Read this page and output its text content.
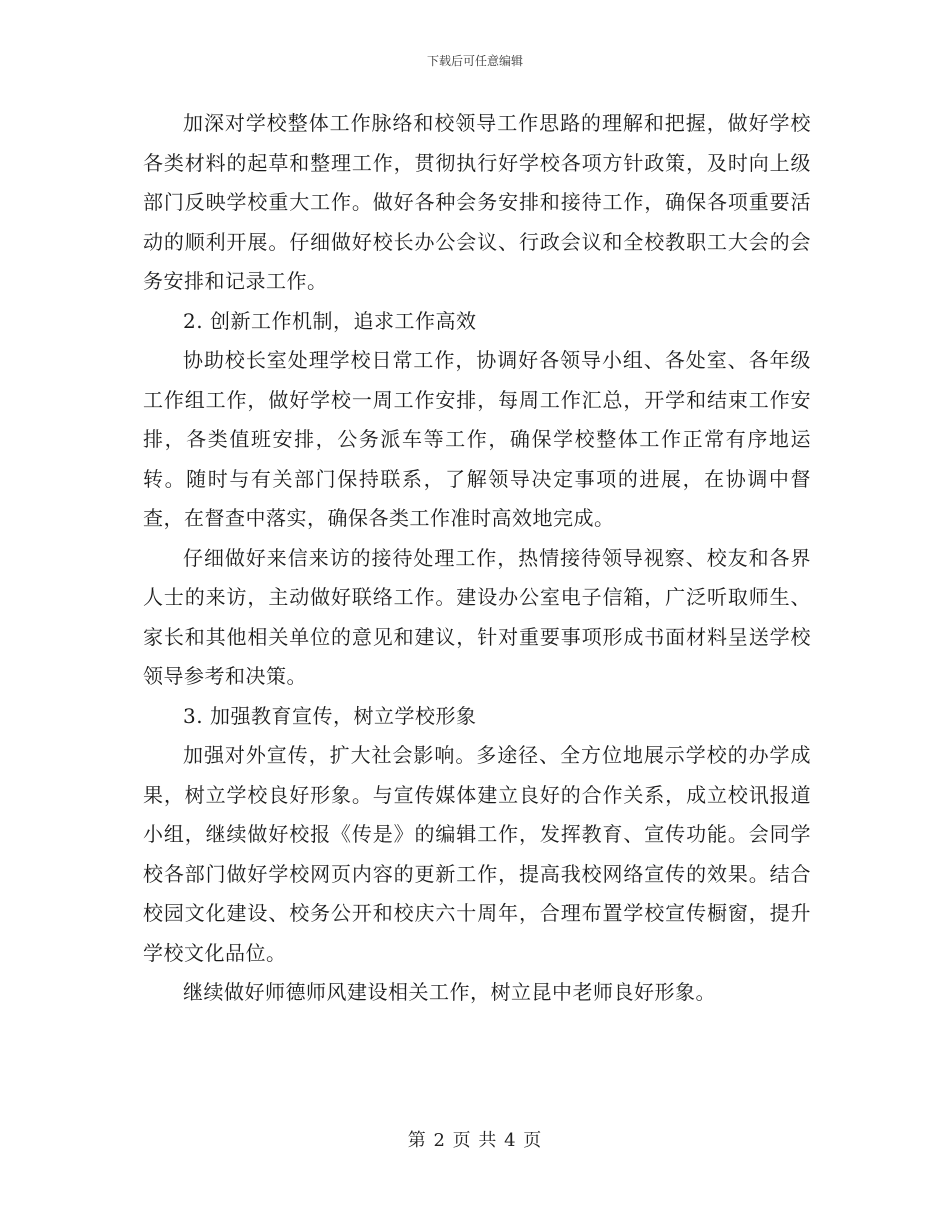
下载后可任意编辑

加深对学校整体工作脉络和校领导工作思路的理解和把握，做好学校各类材料的起草和整理工作，贯彻执行好学校各项方针政策，及时向上级部门反映学校重大工作。做好各种会务安排和接待工作，确保各项重要活动的顺利开展。仔细做好校长办公会议、行政会议和全校教职工大会的会务安排和记录工作。

2. 创新工作机制，追求工作高效

协助校长室处理学校日常工作，协调好各领导小组、各处室、各年级工作组工作，做好学校一周工作安排，每周工作汇总，开学和结束工作安排，各类值班安排，公务派车等工作，确保学校整体工作正常有序地运转。随时与有关部门保持联系，了解领导决定事项的进展，在协调中督查，在督查中落实，确保各类工作准时高效地完成。

仔细做好来信来访的接待处理工作，热情接待领导视察、校友和各界人士的来访，主动做好联络工作。建设办公室电子信箱，广泛听取师生、家长和其他相关单位的意见和建议，针对重要事项形成书面材料呈送学校领导参考和决策。

3. 加强教育宣传，树立学校形象

加强对外宣传，扩大社会影响。多途径、全方位地展示学校的办学成果，树立学校良好形象。与宣传媒体建立良好的合作关系，成立校讯报道小组，继续做好校报《传是》的编辑工作，发挥教育、宣传功能。会同学校各部门做好学校网页内容的更新工作，提高我校网络宣传的效果。结合校园文化建设、校务公开和校庆六十周年，合理布置学校宣传橱窗，提升学校文化品位。

继续做好师德师风建设相关工作，树立昆中老师良好形象。

第 2 页 共 4 页
